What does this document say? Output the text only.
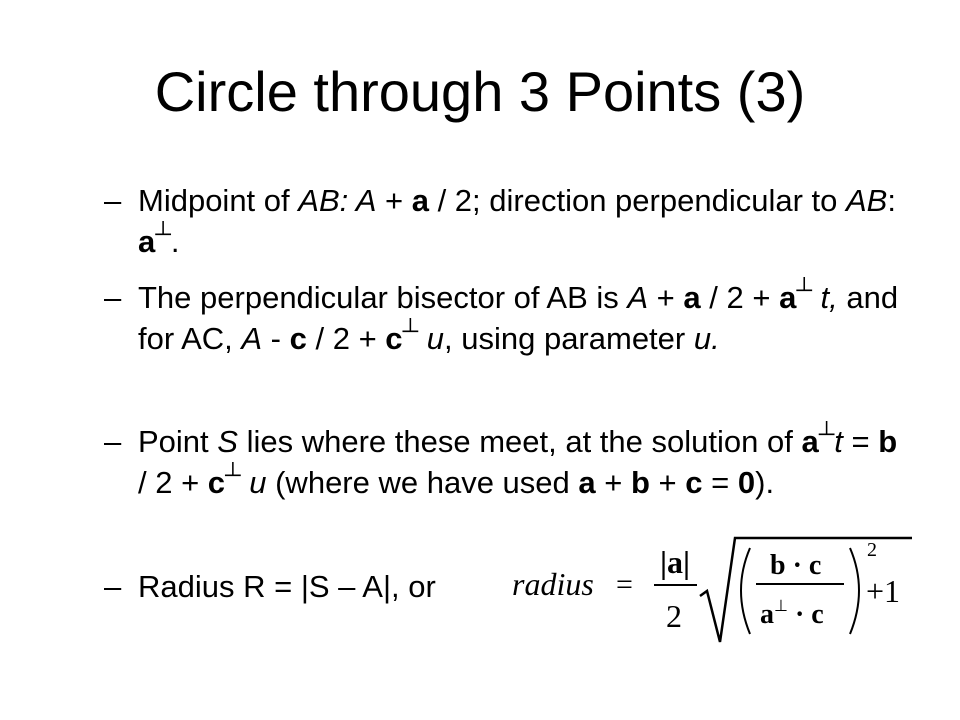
Circle through 3 Points (3)
– Midpoint of AB: A + a / 2; direction perpendicular to AB: a┴.
– The perpendicular bisector of AB is A + a / 2 + a┴ t, and for AC, A - c / 2 + c┴ u, using parameter u.
– Point S lies where these meet, at the solution of a┴t = b / 2 + c┴ u (where we have used a + b + c = 0).
– Radius R = |S – A|, or	radius =
|a|
2
b · c
a⊥ · c
2
+1
